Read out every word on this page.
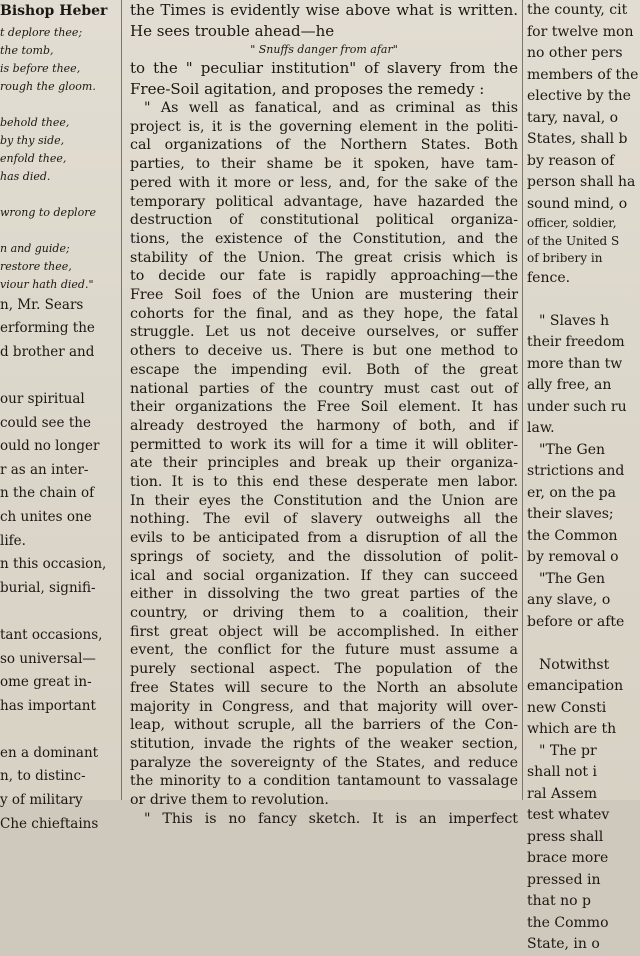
Bishop Heber
t deplore thee;
the tomb,
is before thee,
rough the gloom.

behold thee,
by thy side,
enfold thee,
has died.

wrong to deplore

n and guide;
restore thee,
viour hath died."
n, Mr. Sears
erforming the
d brother and

our spiritual
could see the
ould no longer
r as an inter-
n the chain of
ch unites one
life.
n this occasion,
burial, signifi-

tant occasions,
so universal—
ome great in-
has important

en a dominant
n, to distinc-
y of military
Che chieftains
the Times is evidently wise above what is written.
He sees trouble ahead—he
" Snuffs danger from afar"
to the " peculiar institution" of slavery from the
Free-Soil agitation, and proposes the remedy :
" As well as fanatical, and as criminal as this
project is, it is the governing element in the politi-
cal organizations of the Northern States. Both
parties, to their shame be it spoken, have tam-
pered with it more or less, and, for the sake of the
temporary political advantage, have hazarded the
destruction of constitutional political organiza-
tions, the existence of the Constitution, and the
stability of the Union. The great crisis which is
to decide our fate is rapidly approaching—the
Free Soil foes of the Union are mustering their
cohorts for the final, and as they hope, the fatal
struggle. Let us not deceive ourselves, or suffer
others to deceive us. There is but one method to
escape the impending evil. Both of the great
national parties of the country must cast out of
their organizations the Free Soil element. It has
already destroyed the harmony of both, and if
permitted to work its will for a time it will obliter-
ate their principles and break up their organiza-
tion. It is to this end these desperate men labor.
In their eyes the Constitution and the Union are
nothing. The evil of slavery outweighs all the
evils to be anticipated from a disruption of all the
springs of society, and the dissolution of polit-
ical and social organization. If they can succeed
either in dissolving the two great parties of the
country, or driving them to a coalition, their
first great object will be accomplished. In either
event, the conflict for the future must assume a
purely sectional aspect. The population of the
free States will secure to the North an absolute
majority in Congress, and that majority will over-
leap, without scruple, all the barriers of the Con-
stitution, invade the rights of the weaker section,
paralyze the sovereignty of the States, and reduce
the minority to a condition tantamount to vassalage
or drive them to revolution.
" This is no fancy sketch. It is an imperfect
the county, cit
for twelve mon
no other pers
members of the
elective by the
tary, naval, o
States, shall b
by reason of
person shall ha
sound mind, o
officer, soldier,
of the United S
of bribery in
fence.

" Slaves h
their freedom
more than tw
ally free, an
under such ru
law.
"The Gen
strictions and
er, on the pa
their slaves;
the Common
by removal o
"The Gen
any slave, o
before or afte

Notwithst
emancipation
new Consti
which are th
" The pr
shall not i
ral Assem
test whatev
press shall
brace more
pressed in
that no p
the Commo
State, in o
